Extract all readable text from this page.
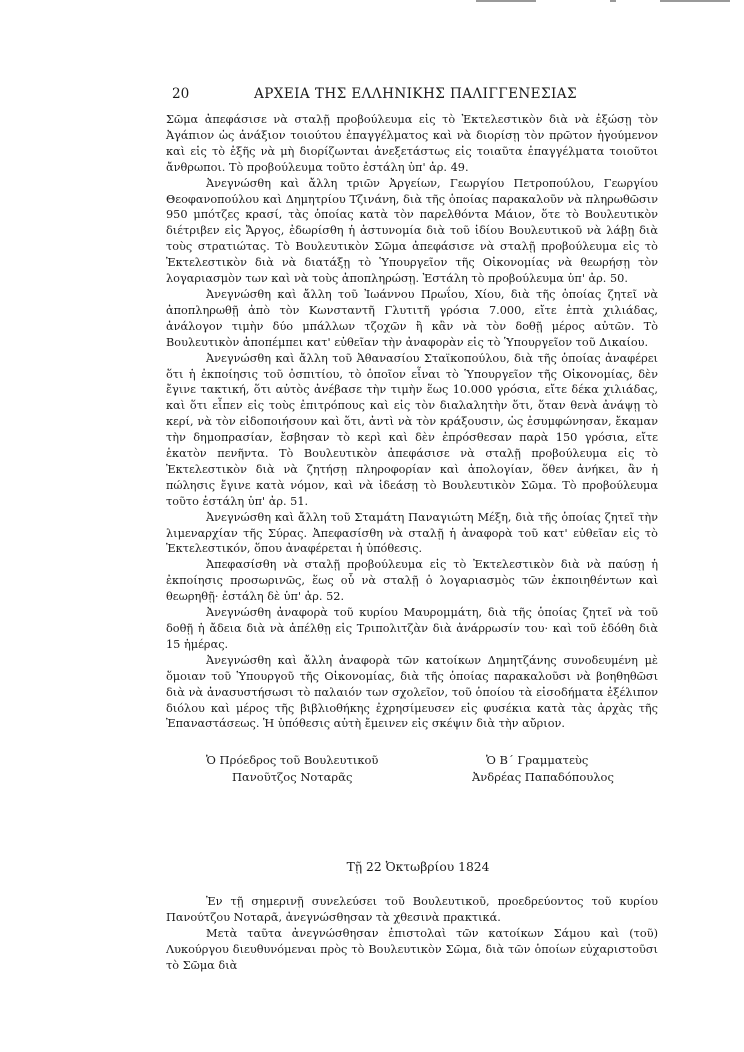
20	ΑΡΧΕΙΑ ΤΗΣ ΕΛΛΗΝΙΚΗΣ ΠΑΛΙΓΓΕΝΕΣΙΑΣ

Σῶμα ἀπεφάσισε νὰ σταλῇ προβούλευμα εἰς τὸ Ἐκτελεστικὸν διὰ νὰ ἐξώσῃ τὸν Ἀγάπιον ὡς ἀνάξιον τοιούτου ἐπαγγέλματος καὶ νὰ διορίσῃ τὸν πρῶτον ἡγούμενον καὶ εἰς τὸ ἑξῆς νὰ μὴ διορίζωνται ἀνεξετάστως εἰς τοιαῦτα ἐπαγγέλματα τοιοῦτοι ἄνθρωποι. Τὸ προβούλευμα τοῦτο ἐστάλη ὑπ' ἀρ. 49.

Ἀνεγνώσθη καὶ ἄλλη τριῶν Ἀργείων, Γεωργίου Πετροπούλου, Γεωργίου Θεοφανοπούλου καὶ Δημητρίου Τζινάνη, διὰ τῆς ὁποίας παρακαλοῦν νὰ πληρωθῶσιν 950 μπότζες κρασί, τὰς ὁποίας κατὰ τὸν παρελθόντα Μάιον, ὅτε τὸ Βουλευτικὸν διέτριβεν εἰς Ἄργος, ἐδωρίσθη ἡ ἀστυνομία διὰ τοῦ ἰδίου Βουλευτικοῦ νὰ λάβῃ διὰ τοὺς στρατιώτας. Τὸ Βουλευτικὸν Σῶμα ἀπεφάσισε νὰ σταλῇ προβούλευμα εἰς τὸ Ἐκτελεστικὸν διὰ νὰ διατάξῃ τὸ Ὑπουργεῖον τῆς Οἰκονομίας νὰ θεωρήσῃ τὸν λογαριασμὸν των καὶ νὰ τοὺς ἀποπληρώσῃ. Ἐστάλη τὸ προβούλευμα ὑπ' ἀρ. 50.

Ἀνεγνώσθη καὶ ἄλλη τοῦ Ἰωάννου Πρωΐου, Χίου, διὰ τῆς ὁποίας ζητεῖ νὰ ἀποπληρωθῇ ἀπὸ τὸν Κωνσταντῆ Γλυτιτῆ γρόσια 7.000, εἴτε ἑπτὰ χιλιάδας, ἀνάλογον τιμὴν δύο μπάλλων τζοχῶν ἢ κἂν νὰ τὸν δοθῇ μέρος αὐτῶν. Τὸ Βουλευτικὸν ἀποπέμπει κατ' εὐθεῖαν τὴν ἀναφορὰν εἰς τὸ Ὑπουργεῖον τοῦ Δικαίου.

Ἀνεγνώσθη καὶ ἄλλη τοῦ Ἀθανασίου Σταϊκοπούλου, διὰ τῆς ὁποίας ἀναφέρει ὅτι ἡ ἐκποίησις τοῦ ὀσπιτίου, τὸ ὁποῖον εἶναι τὸ Ὑπουργεῖον τῆς Οἰκονομίας, δὲν ἔγινε τακτική, ὅτι αὐτὸς ἀνέβασε τὴν τιμὴν ἕως 10.000 γρόσια, εἴτε δέκα χιλιάδας, καὶ ὅτι εἶπεν εἰς τοὺς ἐπιτρόπους καὶ εἰς τὸν διαλαλητὴν ὅτι, ὅταν θενὰ ἀνάψῃ τὸ κερί, νὰ τὸν εἰδοποιήσουν καὶ ὅτι, ἀντὶ νὰ τὸν κράξουσιν, ὡς ἐσυμφώνησαν, ἔκαμαν τὴν δημοπρασίαν, ἔσβησαν τὸ κερὶ καὶ δὲν ἐπρόσθεσαν παρὰ 150 γρόσια, εἴτε ἑκατὸν πενῆντα. Τὸ Βουλευτικὸν ἀπεφάσισε νὰ σταλῇ προβούλευμα εἰς τὸ Ἐκτελεστικὸν διὰ νὰ ζητήσῃ πληροφορίαν καὶ ἀπολογίαν, ὅθεν ἀνήκει, ἂν ἡ πώλησις ἔγινε κατὰ νόμον, καὶ νὰ ἰδεάσῃ τὸ Βουλευτικὸν Σῶμα. Τὸ προβούλευμα τοῦτο ἐστάλη ὑπ' ἀρ. 51.

Ἀνεγνώσθη καὶ ἄλλη τοῦ Σταμάτη Παναγιώτη Μέξη, διὰ τῆς ὁποίας ζητεῖ τὴν λιμεναρχίαν τῆς Σύρας. Ἀπεφασίσθη νὰ σταλῇ ἡ ἀναφορὰ τοῦ κατ' εὐθεῖαν εἰς τὸ Ἐκτελεστικόν, ὅπου ἀναφέρεται ἡ ὑπόθεσις.

Ἀπεφασίσθη νὰ σταλῇ προβούλευμα εἰς τὸ Ἐκτελεστικὸν διὰ νὰ παύσῃ ἡ ἐκποίησις προσωρινῶς, ἕως οὗ νὰ σταλῇ ὁ λογαριασμὸς τῶν ἐκποιηθέντων καὶ θεωρηθῇ· ἐστάλη δὲ ὑπ' ἀρ. 52.

Ἀνεγνώσθη ἀναφορὰ τοῦ κυρίου Μαυρομμάτη, διὰ τῆς ὁποίας ζητεῖ νὰ τοῦ δοθῇ ἡ ἄδεια διὰ νὰ ἀπέλθῃ εἰς Τριπολιτζὰν διὰ ἀνάρρωσίν του· καὶ τοῦ ἐδόθη διὰ 15 ἡμέρας.

Ἀνεγνώσθη καὶ ἄλλη ἀναφορὰ τῶν κατοίκων Δημητζάνης συνοδευμένη μὲ ὅμοιαν τοῦ Ὑπουργοῦ τῆς Οἰκονομίας, διὰ τῆς ὁποίας παρακαλοῦσι νὰ βοηθηθῶσι διὰ νὰ ἀνασυστήσωσι τὸ παλαιόν των σχολεῖον, τοῦ ὁποίου τὰ εἰσοδήματα ἐξέλιπον διόλου καὶ μέρος τῆς βιβλιοθήκης ἐχρησίμευσεν εἰς φυσέκια κατὰ τὰς ἀρχὰς τῆς Ἐπαναστάσεως. Ἡ ὑπόθεσις αὐτὴ ἔμεινεν εἰς σκέψιν διὰ τὴν αὔριον.

Ὁ Πρόεδρος τοῦ Βουλευτικοῦ
Πανοῦτζος Νοταρᾶς
Ὁ Β΄ Γραμματεὺς
Ἀνδρέας Παπαδόπουλος
Τῇ 22 Ὀκτωβρίου 1824

Ἐν τῇ σημερινῇ συνελεύσει τοῦ Βουλευτικοῦ, προεδρεύοντος τοῦ κυρίου Πανούτζου Νοταρᾶ, ἀνεγνώσθησαν τὰ χθεσινὰ πρακτικά.

Μετὰ ταῦτα ἀνεγνώσθησαν ἐπιστολαὶ τῶν κατοίκων Σάμου καὶ (τοῦ) Λυκούργου διευθυνόμεναι πρὸς τὸ Βουλευτικὸν Σῶμα, διὰ τῶν ὁποίων εὐχαριστοῦσι τὸ Σῶμα διὰ
